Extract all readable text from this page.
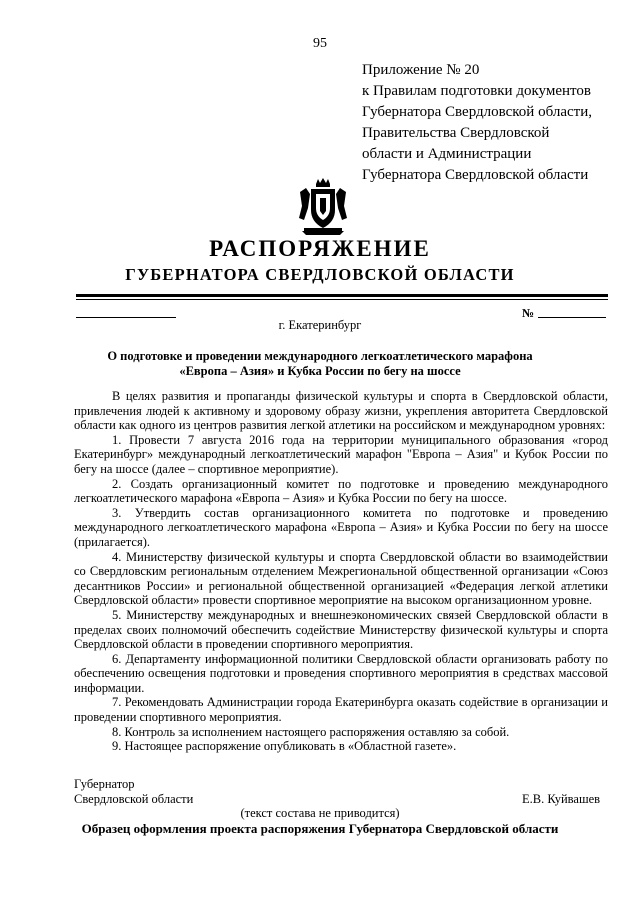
95
Приложение № 20
к Правилам подготовки документов
Губернатора Свердловской области,
Правительства Свердловской
области и Администрации
Губернатора Свердловской области
РАСПОРЯЖЕНИЕ
ГУБЕРНАТОРА СВЕРДЛОВСКОЙ ОБЛАСТИ
№
г. Екатеринбург
О подготовке и проведении международного легкоатлетического марафона
«Европа – Азия» и Кубка России по бегу на шоссе

В целях развития и пропаганды физической культуры и спорта в Свердловской области, привлечения людей к активному и здоровому образу жизни, укрепления авторитета Свердловской области как одного из центров развития легкой атлетики на российском и международном уровнях:

1. Провести 7 августа 2016 года на территории муниципального образования «город Екатеринбург» международный легкоатлетический марафон "Европа – Азия" и Кубок России по бегу на шоссе (далее – спортивное мероприятие).

2. Создать организационный комитет по подготовке и проведению международного легкоатлетического марафона «Европа – Азия» и Кубка России по бегу на шоссе.

3. Утвердить состав организационного комитета по подготовке и проведению международного легкоатлетического марафона «Европа – Азия» и Кубка России по бегу на шоссе (прилагается).

4. Министерству физической культуры и спорта Свердловской области во взаимодействии со Свердловским региональным отделением Межрегиональной общественной организации «Союз десантников России» и региональной общественной организацией «Федерация легкой атлетики Свердловской области» провести спортивное мероприятие на высоком организационном уровне.

5. Министерству международных и внешнеэкономических связей Свердловской области в пределах своих полномочий обеспечить содействие Министерству физической культуры и спорта Свердловской области в проведении спортивного мероприятия.

6. Департаменту информационной политики Свердловской области организовать работу по обеспечению освещения подготовки и проведения спортивного мероприятия в средствах массовой информации.

7. Рекомендовать Администрации города Екатеринбурга оказать содействие в организации и проведении спортивного мероприятия.

8. Контроль за исполнением настоящего распоряжения оставляю за собой.

9. Настоящее распоряжение опубликовать в «Областной газете».

Губернатор
Свердловской области	Е.В. Куйвашев
(текст состава не приводится)
Образец оформления проекта распоряжения Губернатора Свердловской области
